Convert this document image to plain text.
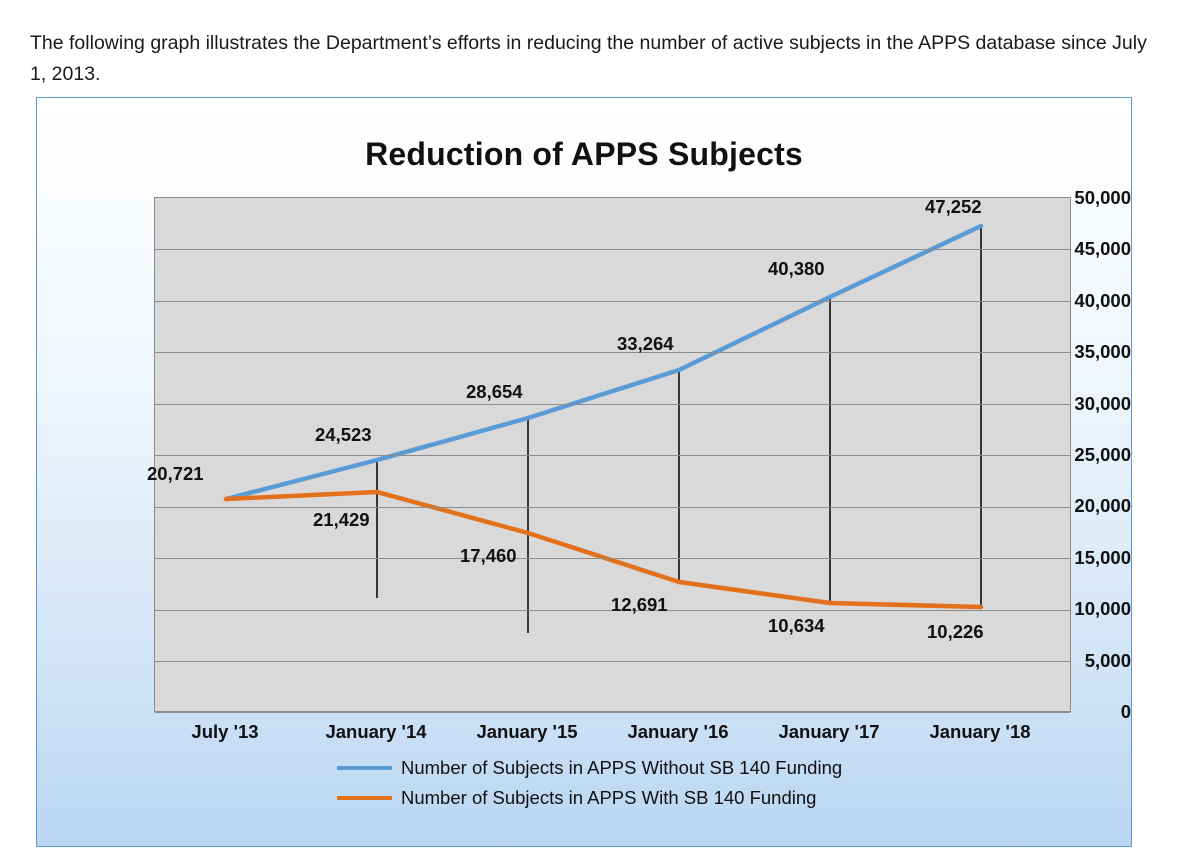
The following graph illustrates the Department’s efforts in reducing the number of active subjects in the APPS database since July 1, 2013.

Reduction of APPS Subjects
50,000
45,000
40,000
35,000
30,000
25,000
20,000
15,000
10,000
5,000
0
20,721
24,523
28,654
33,264
40,380
47,252
21,429
17,460
12,691
10,634	10,226
July '13	January '14	January '15	January '16	January '17	January '18
Number of Subjects in APPS Without SB 140 Funding
Number of Subjects in APPS With SB 140 Funding
